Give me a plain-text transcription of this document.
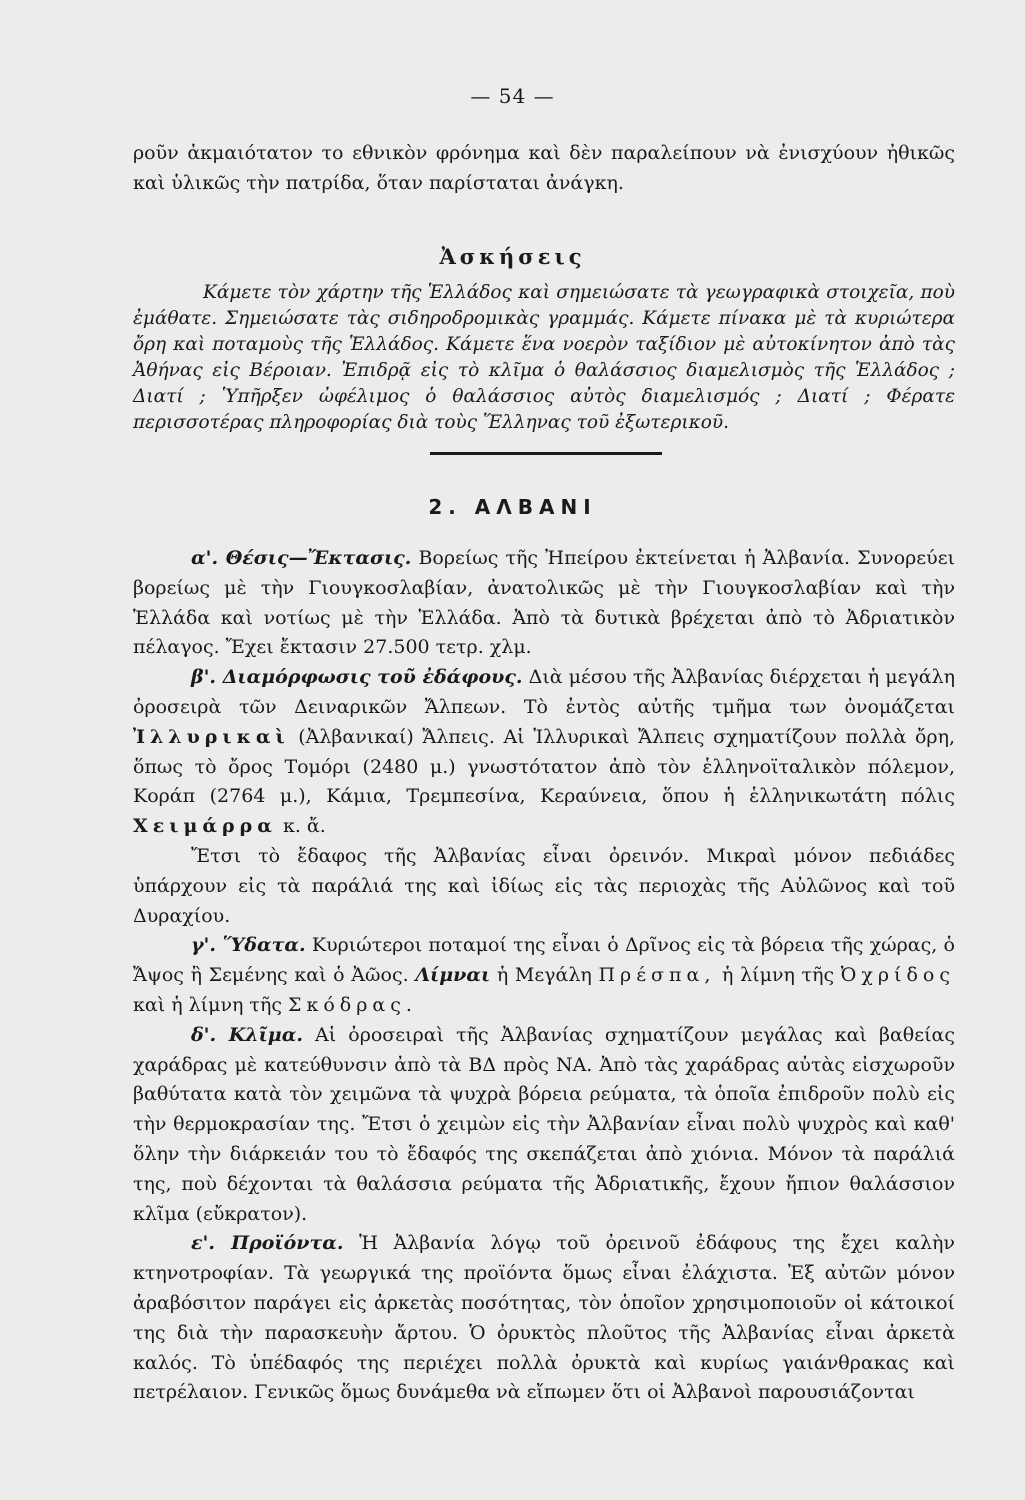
— 54 —
ροῦν ἀκμαιότατον το εθνικὸν φρόνημα καὶ δὲν παραλείπουν νὰ ἐνισχύουν ἠθικῶς καὶ ὑλικῶς τὴν πατρίδα, ὅταν παρίσταται ἀνάγκη.
Ἀσκήσεις
Κάμετε τὸν χάρτην τῆς Ἑλλάδος καὶ σημειώσατε τὰ γεωγραφικὰ στοιχεῖα, ποὺ ἐμάθατε. Σημειώσατε τὰς σιδηροδρομικὰς γραμμάς. Κάμετε πίνακα μὲ τὰ κυριώτερα ὄρη καὶ ποταμοὺς τῆς Ἑλλάδος. Κάμετε ἕνα νοερὸν ταξίδιον μὲ αὐτοκίνητον ἀπὸ τὰς Ἀθήνας εἰς Βέροιαν. Ἐπιδρᾷ εἰς τὸ κλῖμα ὁ θαλάσσιος διαμελισμὸς τῆς Ἑλλάδος ; Διατί ; Ὑπῆρξεν ὠφέλιμος ὁ θαλάσσιος αὐτὸς διαμελισμός ; Διατί ; Φέρατε περισσοτέρας πληροφορίας διὰ τοὺς Ἕλληνας τοῦ ἐξωτερικοῦ.
2. ΑΛΒΑΝΙ

α'. Θέσις—Ἔκτασις. Βορείως τῆς Ἠπείρου ἐκτείνεται ἡ Ἀλβανία. Συνορεύει βορείως μὲ τὴν Γιουγκοσλαβίαν, ἀνατολικῶς μὲ τὴν Γιουγκοσλαβίαν καὶ τὴν Ἑλλάδα καὶ νοτίως μὲ τὴν Ἑλλάδα. Ἀπὸ τὰ δυτικὰ βρέχεται ἀπὸ τὸ Ἀδριατικὸν πέλαγος. Ἔχει ἔκτασιν 27.500 τετρ. χλμ.

β'. Διαμόρφωσις τοῦ ἐδάφους. Διὰ μέσου τῆς Ἀλβανίας διέρχεται ἡ μεγάλη ὀροσειρὰ τῶν Δειναρικῶν Ἄλπεων. Τὸ ἐντὸς αὐτῆς τμῆμα των ὀνομάζεται Ἰλλυρικαὶ (Ἀλβανικαί) Ἄλπεις. Αἱ Ἰλλυρικαὶ Ἄλπεις σχηματίζουν πολλὰ ὄρη, ὅπως τὸ ὄρος Τομόρι (2480 μ.) γνωστότατον ἀπὸ τὸν ἑλληνοϊταλικὸν πόλεμον, Κοράπ (2764 μ.), Κάμια, Τρεμπεσίνα, Κεραύνεια, ὅπου ἡ ἑλληνικωτάτη πόλις Χειμάρρα κ. ἄ.

Ἔτσι τὸ ἔδαφος τῆς Ἀλβανίας εἶναι ὀρεινόν. Μικραὶ μόνον πεδιάδες ὑπάρχουν εἰς τὰ παράλιά της καὶ ἰδίως εἰς τὰς περιοχὰς τῆς Αὐλῶνος καὶ τοῦ Δυραχίου.

γ'. Ὕδατα. Κυριώτεροι ποταμοί της εἶναι ὁ Δρῖνος εἰς τὰ βόρεια τῆς χώρας, ὁ Ἄψος ἢ Σεμένης καὶ ὁ Ἀῶος. Λίμναι ἡ Μεγάλη Πρέσπα, ἡ λίμνη τῆς Ὀχρίδος καὶ ἡ λίμνη τῆς Σκόδρας.

δ'. Κλῖμα. Αἱ ὀροσειραὶ τῆς Ἀλβανίας σχηματίζουν μεγάλας καὶ βαθείας χαράδρας μὲ κατεύθυνσιν ἀπὸ τὰ ΒΔ πρὸς ΝΑ. Ἀπὸ τὰς χαράδρας αὐτὰς εἰσχωροῦν βαθύτατα κατὰ τὸν χειμῶνα τὰ ψυχρὰ βόρεια ρεύματα, τὰ ὁποῖα ἐπιδροῦν πολὺ εἰς τὴν θερμοκρασίαν της. Ἔτσι ὁ χειμὼν εἰς τὴν Ἀλβανίαν εἶναι πολὺ ψυχρὸς καὶ καθ' ὅλην τὴν διάρκειάν του τὸ ἔδαφός της σκεπάζεται ἀπὸ χιόνια. Μόνον τὰ παράλιά της, ποὺ δέχονται τὰ θαλάσσια ρεύματα τῆς Ἀδριατικῆς, ἔχουν ἤπιον θαλάσσιον κλῖμα (εὔκρατον).

ε'. Προϊόντα. Ἡ Ἀλβανία λόγῳ τοῦ ὀρεινοῦ ἐδάφους της ἔχει καλὴν κτηνοτροφίαν. Τὰ γεωργικά της προϊόντα ὅμως εἶναι ἐλάχιστα. Ἐξ αὐτῶν μόνον ἀραβόσιτον παράγει εἰς ἀρκετὰς ποσότητας, τὸν ὁποῖον χρησιμοποιοῦν οἱ κάτοικοί της διὰ τὴν παρασκευὴν ἄρτου. Ὁ ὀρυκτὸς πλοῦτος τῆς Ἀλβανίας εἶναι ἀρκετὰ καλός. Τὸ ὑπέδαφός της περιέχει πολλὰ ὀρυκτὰ καὶ κυρίως γαιάνθρακας καὶ πετρέλαιον. Γενικῶς ὅμως δυνάμεθα νὰ εἴπωμεν ὅτι οἱ Ἀλβανοὶ παρουσιάζονται
